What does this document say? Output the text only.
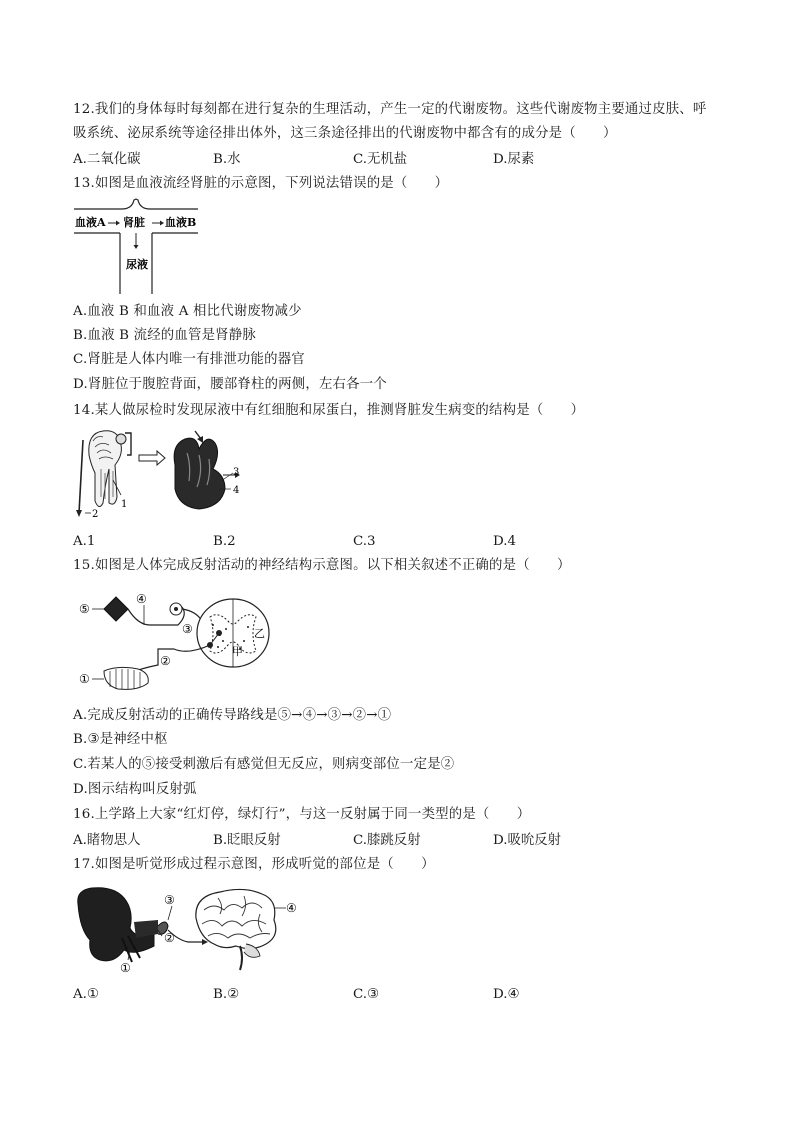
12.我们的身体每时每刻都在进行复杂的生理活动，产生一定的代谢废物。这些代谢废物主要通过皮肤、呼
吸系统、泌尿系统等途径排出体外，这三条途径排出的代谢废物中都含有的成分是（　　）
A.二氧化碳	B.水	C.无机盐	D.尿素
13.如图是血液流经肾脏的示意图，下列说法错误的是（　　）
血液A 肾脏 血液B
尿液
A.血液 B 和血液 A 相比代谢废物减少
B.血液 B 流经的血管是肾静脉
C.肾脏是人体内唯一有排泄功能的器官
D.肾脏位于腹腔背面，腰部脊柱的两侧，左右各一个
14.某人做尿检时发现尿液中有红细胞和尿蛋白，推测肾脏发生病变的结构是（　　）
1
2
3
4
A.1	B.2	C.3	D.4
15.如图是人体完成反射活动的神经结构示意图。以下相关叙述不正确的是（　　）
⑤
④
乙
甲
③
②
①
A.完成反射活动的正确传导路线是⑤→④→③→②→①
B.③是神经中枢
C.若某人的⑤接受刺激后有感觉但无反应，则病变部位一定是②
D.图示结构叫反射弧
16.上学路上大家“红灯停，绿灯行”，与这一反射属于同一类型的是（　　）
A.睹物思人	B.眨眼反射	C.膝跳反射	D.吸吮反射
17.如图是听觉形成过程示意图，形成听觉的部位是（　　）
③
②
①
④
A.①	B.②	C.③	D.④
